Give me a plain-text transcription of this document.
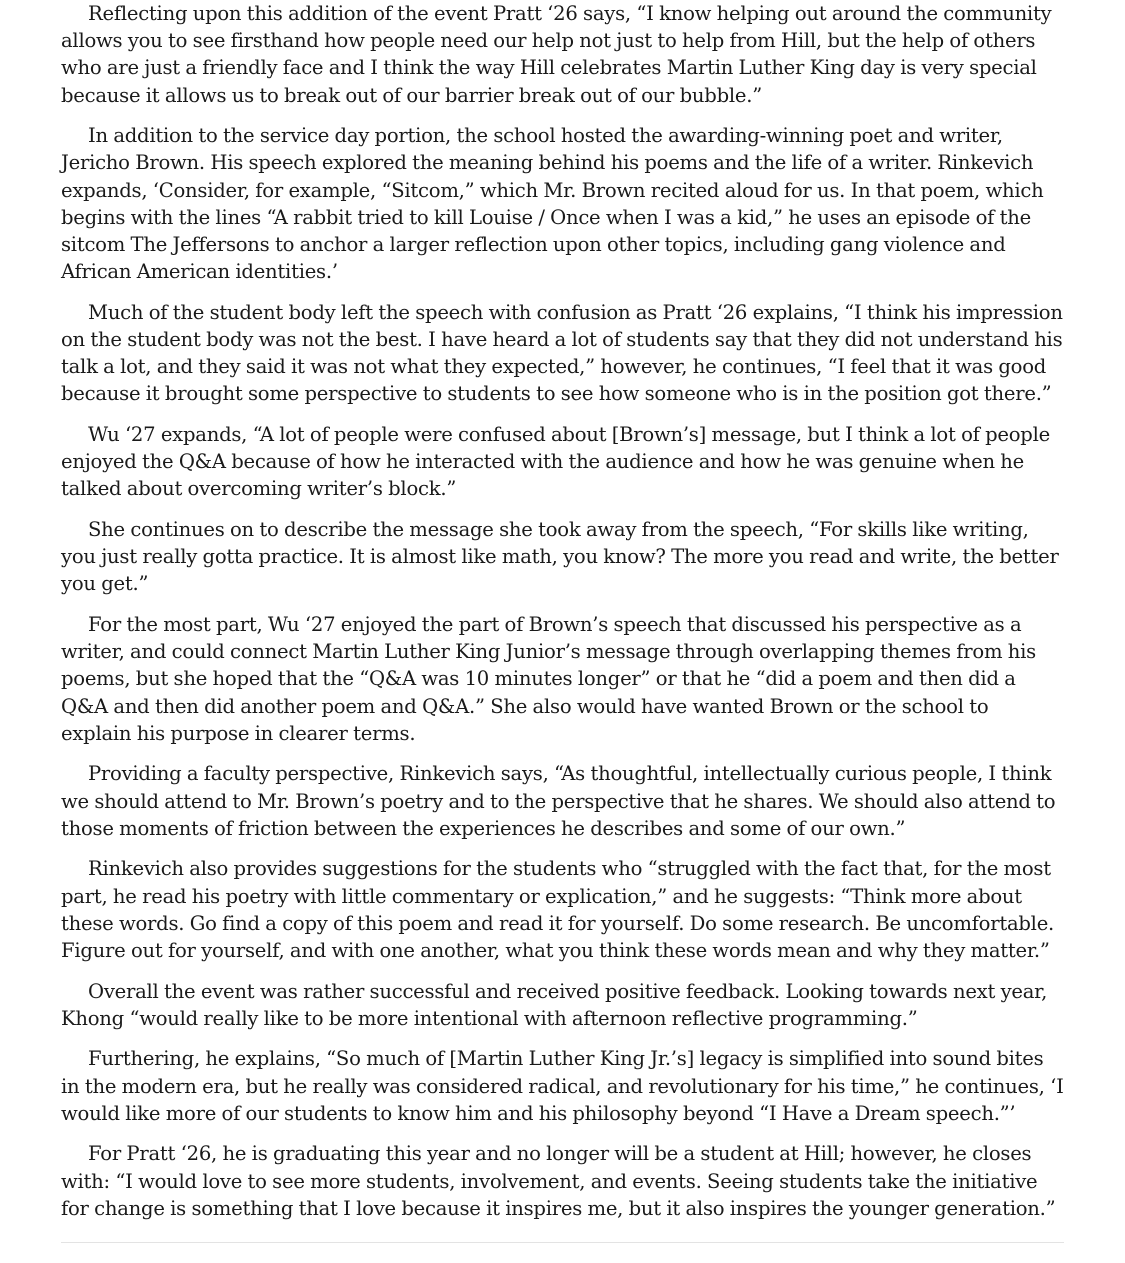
Reflecting upon this addition of the event Pratt ‘26 says, “I know helping out around the community allows you to see firsthand how people need our help not just to help from Hill, but the help of others who are just a friendly face and I think the way Hill celebrates Martin Luther King day is very special because it allows us to break out of our barrier break out of our bubble.”

In addition to the service day portion, the school hosted the awarding-winning poet and writer, Jericho Brown. His speech explored the meaning behind his poems and the life of a writer. Rinkevich expands, ‘Consider, for example, “Sitcom,” which Mr. Brown recited aloud for us. In that poem, which begins with the lines “A rabbit tried to kill Louise / Once when I was a kid,” he uses an episode of the sitcom The Jeffersons to anchor a larger reflection upon other topics, including gang violence and African American identities.’

Much of the student body left the speech with confusion as Pratt ‘26 explains, “I think his impression on the student body was not the best. I have heard a lot of students say that they did not understand his talk a lot, and they said it was not what they expected,” however, he continues, “I feel that it was good because it brought some perspective to students to see how someone who is in the position got there.”

Wu ‘27 expands, “A lot of people were confused about [Brown’s] message, but I think a lot of people enjoyed the Q&A because of how he interacted with the audience and how he was genuine when he talked about overcoming writer’s block.”

She continues on to describe the message she took away from the speech, “For skills like writing, you just really gotta practice. It is almost like math, you know? The more you read and write, the better you get.”

For the most part, Wu ‘27 enjoyed the part of Brown’s speech that discussed his perspective as a writer, and could connect Martin Luther King Junior’s message through overlapping themes from his poems, but she hoped that the “Q&A was 10 minutes longer” or that he “did a poem and then did a Q&A and then did another poem and Q&A.” She also would have wanted Brown or the school to explain his purpose in clearer terms.

Providing a faculty perspective, Rinkevich says, “As thoughtful, intellectually curious people, I think we should attend to Mr. Brown’s poetry and to the perspective that he shares. We should also attend to those moments of friction between the experiences he describes and some of our own.”

Rinkevich also provides suggestions for the students who “struggled with the fact that, for the most part, he read his poetry with little commentary or explication,” and he suggests: “Think more about these words. Go find a copy of this poem and read it for yourself. Do some research. Be uncomfortable. Figure out for yourself, and with one another, what you think these words mean and why they matter.”

Overall the event was rather successful and received positive feedback. Looking towards next year, Khong “would really like to be more intentional with afternoon reflective programming.”

Furthering, he explains, “So much of [Martin Luther King Jr.’s] legacy is simplified into sound bites in the modern era, but he really was considered radical, and revolutionary for his time,” he continues, ‘I would like more of our students to know him and his philosophy beyond “I Have a Dream speech.”’

For Pratt ‘26, he is graduating this year and no longer will be a student at Hill; however, he closes with: “I would love to see more students, involvement, and events. Seeing students take the initiative for change is something that I love because it inspires me, but it also inspires the younger generation.”
